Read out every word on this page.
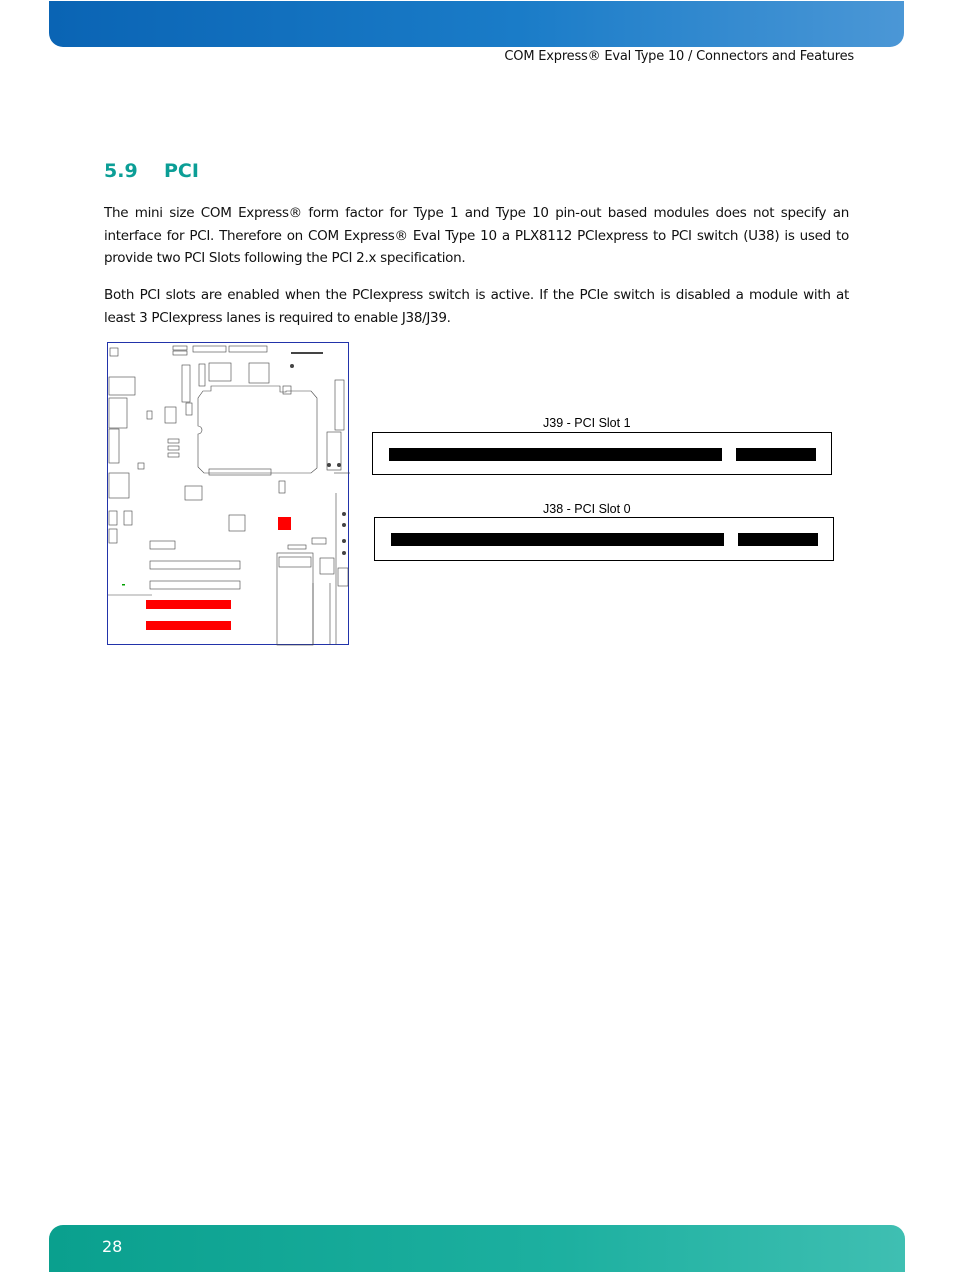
COM Express® Eval Type 10 / Connectors and Features
5.9 PCI
The mini size COM Express® form factor for Type 1 and Type 10 pin-out based modules does not specify an interface for PCI. Therefore on COM Express® Eval Type 10 a PLX8112 PCIexpress to PCI switch (U38) is used to provide two PCI Slots following the PCI 2.x specification.
Both PCI slots are enabled when the PCIexpress switch is active. If the PCIe switch is disabled a module with at least 3 PCIexpress lanes is required to enable J38/J39.
J39 - PCI Slot 1
J38 - PCI Slot 0
28
